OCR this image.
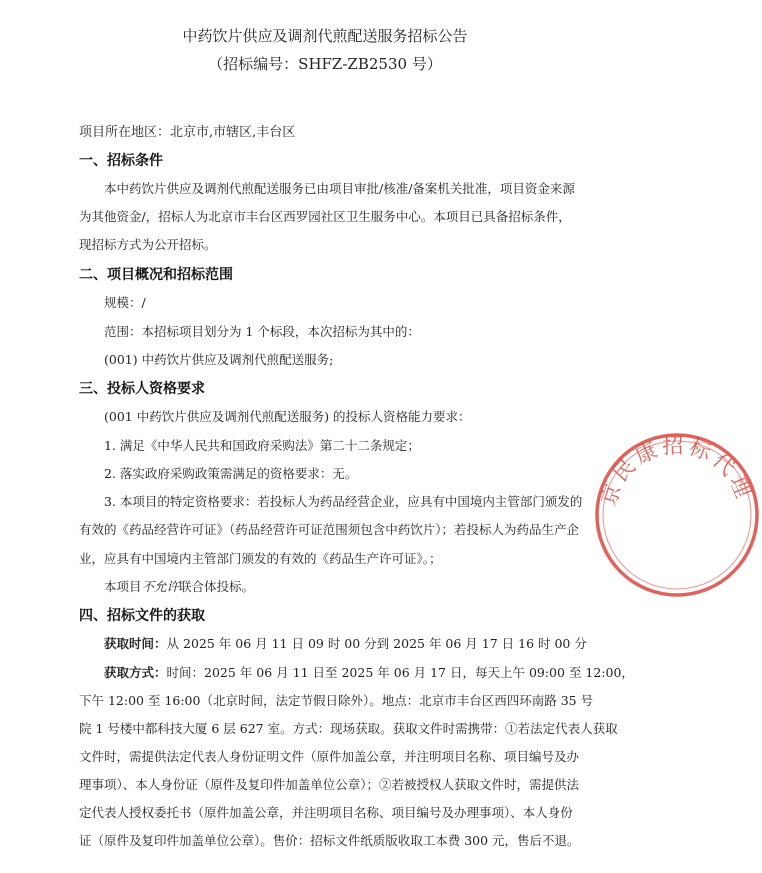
中药饮片供应及调剂代煎配送服务招标公告
（招标编号：SHFZ-ZB2530 号）
项目所在地区：北京市,市辖区,丰台区
一、招标条件
本中药饮片供应及调剂代煎配送服务已由项目审批/核准/备案机关批准，项目资金来源
为其他资金/，招标人为北京市丰台区西罗园社区卫生服务中心。本项目已具备招标条件，
现招标方式为公开招标。
二、项目概况和招标范围
规模：/
范围：本招标项目划分为 1 个标段，本次招标为其中的：
(001) 中药饮片供应及调剂代煎配送服务;
三、投标人资格要求
(001 中药饮片供应及调剂代煎配送服务) 的投标人资格能力要求：
1. 满足《中华人民共和国政府采购法》第二十二条规定；
2. 落实政府采购政策需满足的资格要求：无。
3. 本项目的特定资格要求：若投标人为药品经营企业，应具有中国境内主管部门颁发的
有效的《药品经营许可证》（药品经营许可证范围须包含中药饮片）；若投标人为药品生产企
业，应具有中国境内主管部门颁发的有效的《药品生产许可证》。；
本项目不允许联合体投标。
四、招标文件的获取
获取时间：从 2025 年 06 月 11 日 09 时 00 分到 2025 年 06 月 17 日 16 时 00 分
获取方式：时间：2025 年 06 月 11 日至 2025 年 06 月 17 日，每天上午 09:00 至 12:00，
下午 12:00 至 16:00（北京时间，法定节假日除外）。地点：北京市丰台区西四环南路 35 号
院 1 号楼中都科技大厦 6 层 627 室。方式：现场获取。获取文件时需携带：①若法定代表人获取
文件时，需提供法定代表人身份证明文件（原件加盖公章，并注明项目名称、项目编号及办
理事项）、本人身份证（原件及复印件加盖单位公章）；②若被授权人获取文件时，需提供法
定代表人授权委托书（原件加盖公章，并注明项目名称、项目编号及办理事项）、本人身份
证（原件及复印件加盖单位公章）。售价：招标文件纸质版收取工本费 300 元，售后不退。
京民康招标代理
